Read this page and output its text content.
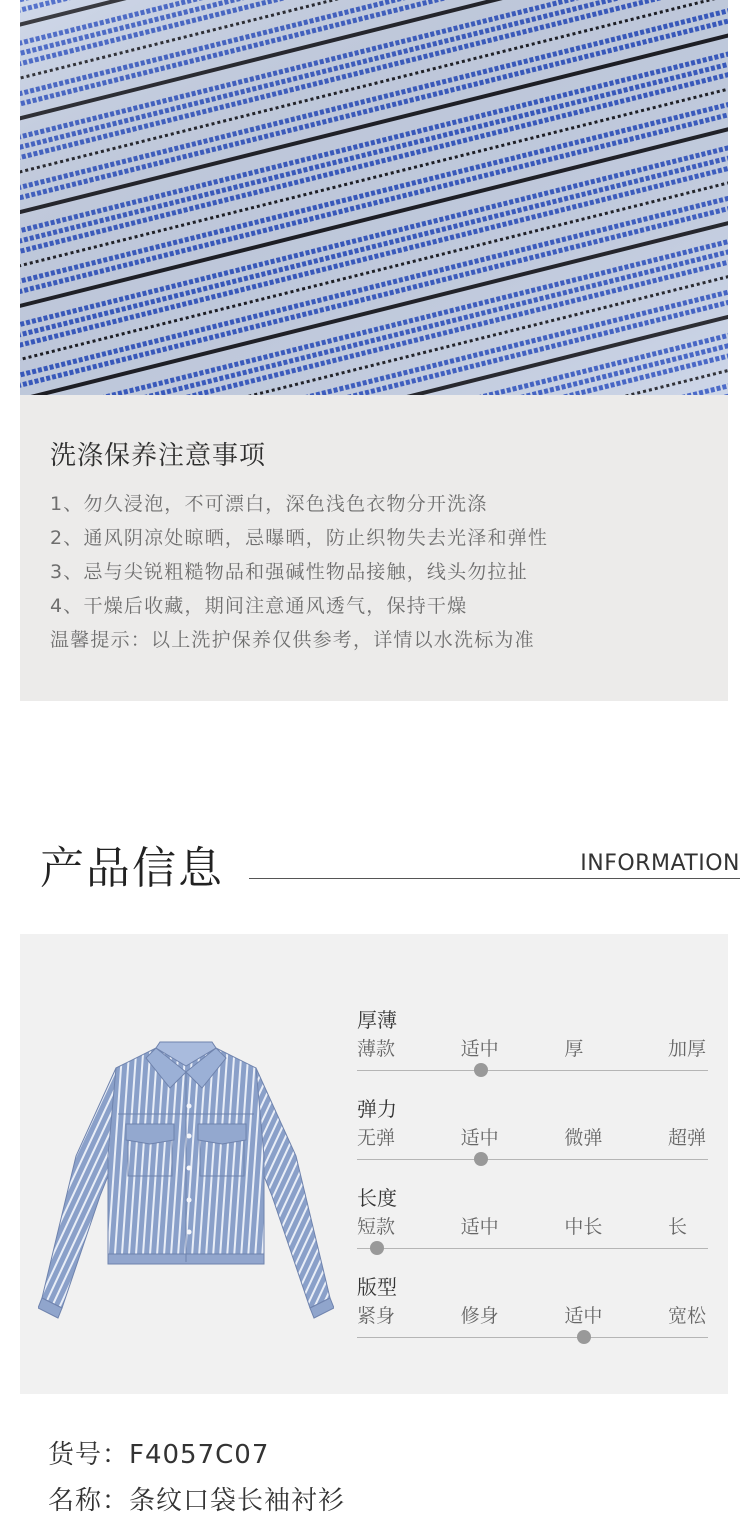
洗涤保养注意事项
1、勿久浸泡，不可漂白，深色浅色衣物分开洗涤
2、通风阴凉处晾晒，忌曝晒，防止织物失去光泽和弹性
3、忌与尖锐粗糙物品和强碱性物品接触，线头勿拉扯
4、干燥后收藏，期间注意通风透气，保持干燥
温馨提示：以上洗护保养仅供参考，详情以水洗标为准
产品信息	INFORMATION
厚薄
薄款	适中	厚	加厚
弹力
无弹	适中	微弹	超弹
长度
短款	适中	中长	长
版型
紧身	修身	适中	宽松
货号：F4057C07
名称：条纹口袋长袖衬衫
